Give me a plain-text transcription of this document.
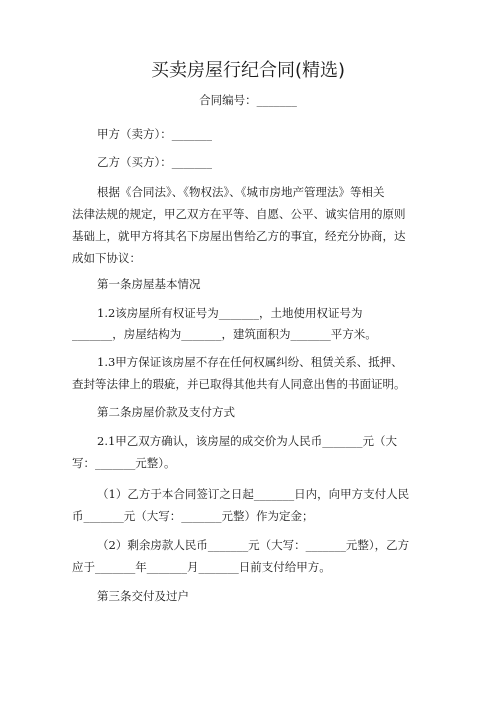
买卖房屋行纪合同(精选)
合同编号：_______
甲方（卖方）：_______
乙方（买方）：_______
根据《合同法》、《物权法》、《城市房地产管理法》等相关
法律法规的规定，甲乙双方在平等、自愿、公平、诚实信用的原则
基础上，就甲方将其名下房屋出售给乙方的事宜，经充分协商，达
成如下协议：
第一条房屋基本情况
1.2该房屋所有权证号为_______，土地使用权证号为
_______，房屋结构为_______，建筑面积为_______平方米。
1.3甲方保证该房屋不存在任何权属纠纷、租赁关系、抵押、
查封等法律上的瑕疵，并已取得其他共有人同意出售的书面证明。
第二条房屋价款及支付方式
2.1甲乙双方确认，该房屋的成交价为人民币_______元（大
写：_______元整）。
（1）乙方于本合同签订之日起_______日内，向甲方支付人民
币_______元（大写：_______元整）作为定金；
（2）剩余房款人民币_______元（大写：_______元整），乙方
应于_______年_______月_______日前支付给甲方。
第三条交付及过户
